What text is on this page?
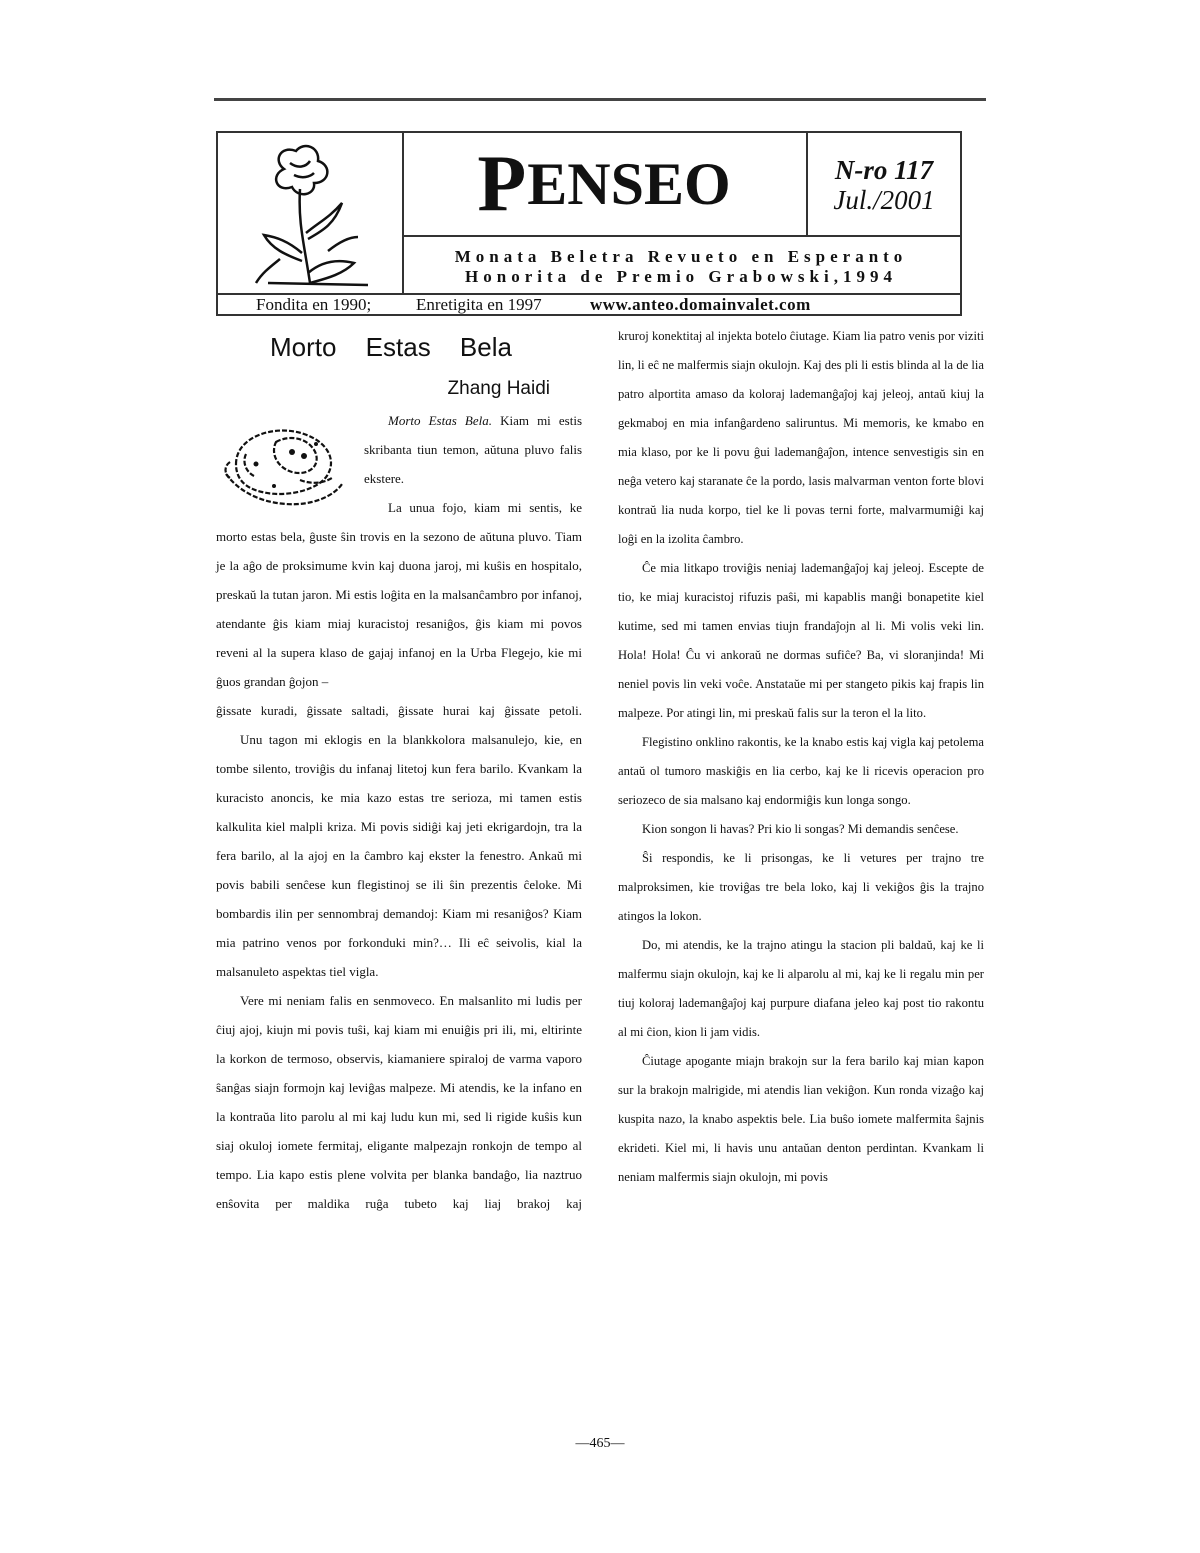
P ENSEO	N-ro 117
Jul./2001
Monata Beletra Revueto en Esperanto
Honorita de Premio Grabowski,1994
Fondita en 1990;	Enretigita en 1997	www.anteo.domainvalet.com
Morto Estas Bela
Zhang Haidi

Morto Estas Bela. Kiam mi estis skribanta tiun temon, aŭtuna pluvo falis ekstere.

La unua fojo, kiam mi sentis, ke morto estas bela, ĝuste ŝin trovis en la sezono de aŭtuna pluvo. Tiam je la aĝo de proksimume kvin kaj duona jaroj, mi kuŝis en hospitalo, preskaŭ la tutan jaron. Mi estis loĝita en la malsanĉambro por infanoj, atendante ĝis kiam miaj kuracistoj resaniĝos, ĝis kiam mi povos reveni al la supera klaso de gajaj infanoj en la Urba Flegejo, kie mi ĝuos grandan ĝojon –

ĝissate kuradi, ĝissate saltadi, ĝissate hurai kaj ĝissate petoli.

Unu tagon mi eklogis en la blankkolora malsanulejo, kie, en tombe silento, troviĝis du infanaj litetoj kun fera barilo. Kvankam la kuracisto anoncis, ke mia kazo estas tre serioza, mi tamen estis kalkulita kiel malpli kriza. Mi povis sidiĝi kaj jeti ekrigardojn, tra la fera barilo, al la ajoj en la ĉambro kaj ekster la fenestro. Ankaŭ mi povis babili senĉese kun flegistinoj se ili ŝin prezentis ĉeloke. Mi bombardis ilin per sennombraj demandoj: Kiam mi resaniĝos? Kiam mia patrino venos por forkonduki min?… Ili eĉ seivolis, kial la malsanuleto aspektas tiel vigla.

Vere mi neniam falis en senmoveco. En malsanlito mi ludis per ĉiuj ajoj, kiujn mi povis tuŝi, kaj kiam mi enuiĝis pri ili, mi, eltirinte la korkon de termoso, observis, kiamaniere spiraloj de varma vaporo ŝanĝas siajn formojn kaj leviĝas malpeze. Mi atendis, ke la infano en la kontraŭa lito parolu al mi kaj ludu kun mi, sed li rigide kuŝis kun siaj okuloj iomete fermitaj, eligante malpezajn ronkojn de tempo al tempo. Lia kapo estis plene volvita per blanka bandaĝo, lia naztruo enŝovita per maldika ruĝa tubeto kaj liaj brakoj kaj

kruroj konektitaj al injekta botelo ĉiutage. Kiam lia patro venis por viziti lin, li eĉ ne malfermis siajn okulojn. Kaj des pli li estis blinda al la de lia patro alportita amaso da koloraj lademanĝaĵoj kaj jeleoj, antaŭ kiuj la gekmaboj en mia infanĝardeno saliruntus. Mi memoris, ke kmabo en mia klaso, por ke li povu ĝui lademanĝaĵon, intence senvestigis sin en neĝa vetero kaj staranate ĉe la pordo, lasis malvarman venton forte blovi kontraŭ lia nuda korpo, tiel ke li povas terni forte, malvarmumiĝi kaj loĝi en la izolita ĉambro.

Ĉe mia litkapo troviĝis neniaj lademanĝaĵoj kaj jeleoj. Escepte de tio, ke miaj kuracistoj rifuzis paŝi, mi kapablis manĝi bonapetite kiel kutime, sed mi tamen envias tiujn frandaĵojn al li. Mi volis veki lin. Hola! Hola! Ĉu vi ankoraŭ ne dormas sufiĉe? Ba, vi sloranjinda! Mi neniel povis lin veki voĉe. Anstataŭe mi per stangeto pikis kaj frapis lin malpeze. Por atingi lin, mi preskaŭ falis sur la teron el la lito.

Flegistino onklino rakontis, ke la knabo estis kaj vigla kaj petolema antaŭ ol tumoro maskiĝis en lia cerbo, kaj ke li ricevis operacion pro seriozeco de sia malsano kaj endormiĝis kun longa songo.

Kion songon li havas? Pri kio li songas? Mi demandis senĉese.

Ŝi respondis, ke li prisongas, ke li vetures per trajno tre malproksimen, kie troviĝas tre bela loko, kaj li vekiĝos ĝis la trajno atingos la lokon.

Do, mi atendis, ke la trajno atingu la stacion pli baldaŭ, kaj ke li malfermu siajn okulojn, kaj ke li alparolu al mi, kaj ke li regalu min per tiuj koloraj lademanĝaĵoj kaj purpure diafana jeleo kaj post tio rakontu al mi ĉion, kion li jam vidis.

Ĉiutage apogante miajn brakojn sur la fera barilo kaj mian kapon sur la brakojn malrigide, mi atendis lian vekiĝon. Kun ronda vizaĝo kaj kuspita nazo, la knabo aspektis bele. Lia buŝo iomete malfermita ŝajnis ekrideti. Kiel mi, li havis unu antaŭan denton perdintan. Kvankam li neniam malfermis siajn okulojn, mi povis

—465—
